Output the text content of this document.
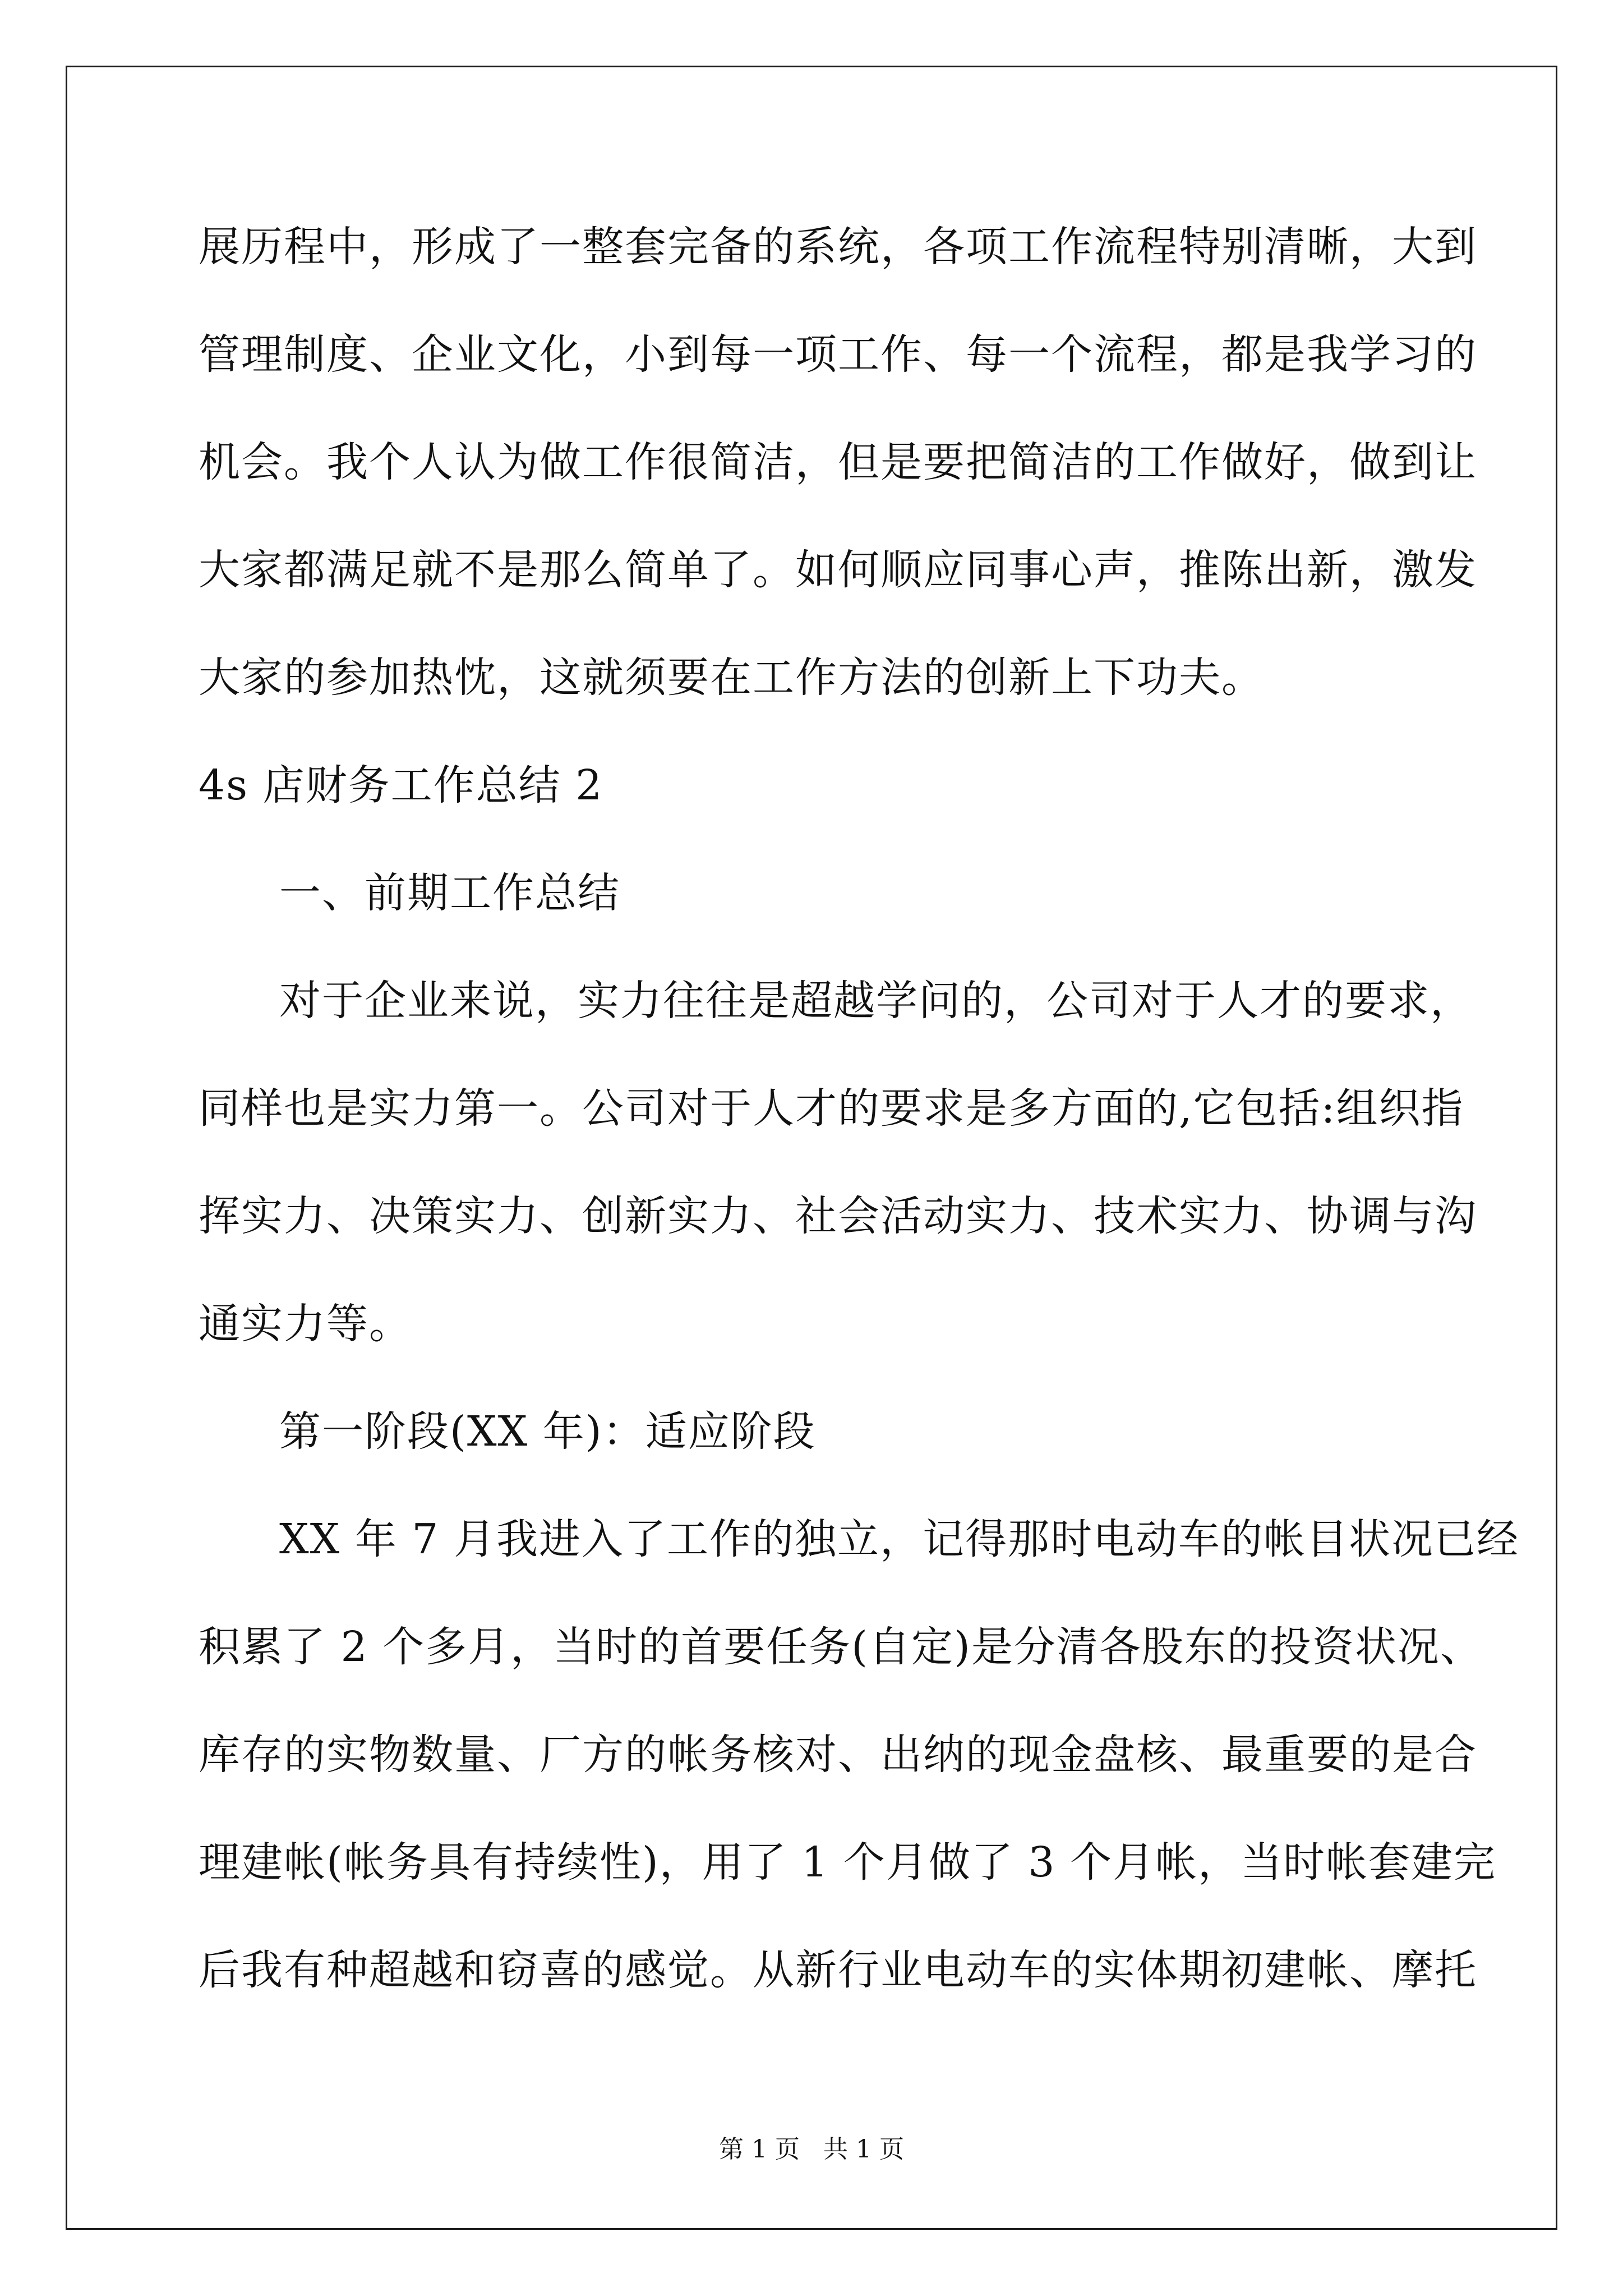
展历程中，形成了一整套完备的系统，各项工作流程特别清晰，大到
管理制度、企业文化，小到每一项工作、每一个流程，都是我学习的
机会。我个人认为做工作很简洁，但是要把简洁的工作做好，做到让
大家都满足就不是那么简单了。如何顺应同事心声，推陈出新，激发
大家的参加热忱，这就须要在工作方法的创新上下功夫。
4s 店财务工作总结 2
一、前期工作总结
对于企业来说，实力往往是超越学问的，公司对于人才的要求，
同样也是实力第一。公司对于人才的要求是多方面的,它包括:组织指
挥实力、决策实力、创新实力、社会活动实力、技术实力、协调与沟
通实力等。
第一阶段(XX 年)：适应阶段
XX 年 7 月我进入了工作的独立，记得那时电动车的帐目状况已经
积累了 2 个多月，当时的首要任务(自定)是分清各股东的投资状况、
库存的实物数量、厂方的帐务核对、出纳的现金盘核、最重要的是合
理建帐(帐务具有持续性)，用了 1 个月做了 3 个月帐，当时帐套建完
后我有种超越和窃喜的感觉。从新行业电动车的实体期初建帐、摩托
第 1 页   共 1 页
